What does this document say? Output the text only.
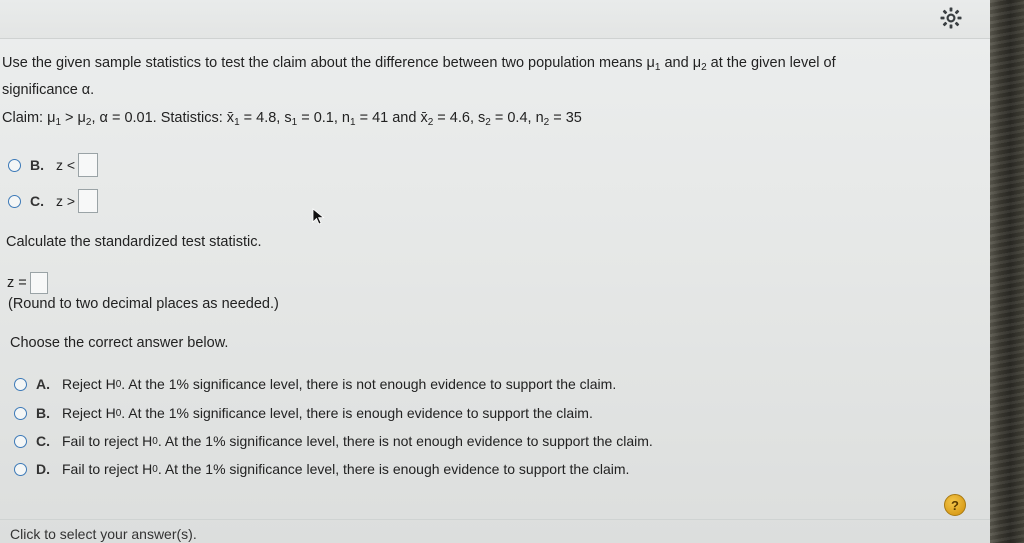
Use the given sample statistics to test the claim about the difference between two population means $\mu_1$ and $\mu_2$ at the given level of
significance α.
Claim: $\mu_1 > \mu_2$, α = 0.01. Statistics: $x̄_1 = 4.8$, $s_1 = 0.1$, $n_1 = 41$ and $x̄_2 = 4.6$, $s_2 = 0.4$, $n_2 = 35$
B. z <
C. z >
Calculate the standardized test statistic.
z =
(Round to two decimal places as needed.)
Choose the correct answer below.
A. Reject H 0 . At the 1% significance level, there is not enough evidence to support the claim.
B. Reject H 0 . At the 1% significance level, there is enough evidence to support the claim.
C. Fail to reject H 0 . At the 1% significance level, there is not enough evidence to support the claim.
D. Fail to reject H 0 . At the 1% significance level, there is enough evidence to support the claim.
?
Click to select your answer(s).
